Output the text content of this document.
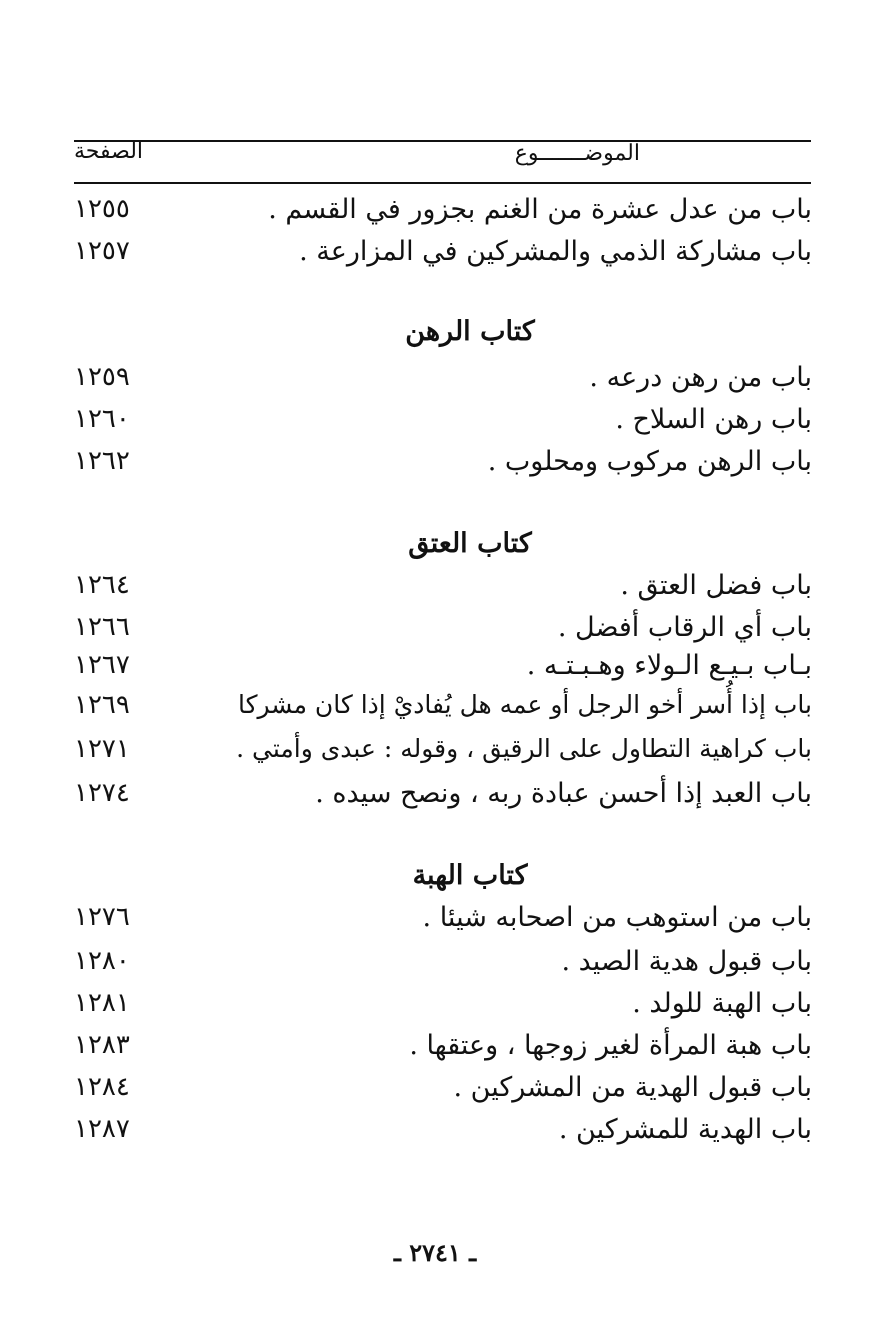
الصفحة	الموضـــــــوع
باب من عدل عشرة من الغنم بجزور في القسم .
١٢٥٥
باب مشاركة الذمي والمشركين في المزارعة .
١٢٥٧
كتاب الرهن
باب من رهن درعه .
١٢٥٩
باب رهن السلاح .
١٢٦٠
باب الرهن مركوب ومحلوب .
١٢٦٢
كتاب العتق
باب فضل العتق .
١٢٦٤
باب أي الرقاب أفضل .
١٢٦٦
بـاب بـيـع الـولاء وهـبـتـه .
١٢٦٧
باب إذا أُسر أخو الرجل أو عمه هل يُفاديْ إذا كان مشركا
١٢٦٩
باب كراهية التطاول على الرقيق ، وقوله : عبدى وأمتي .
١٢٧١
باب العبد إذا أحسن عبادة ربه ، ونصح سيده .
١٢٧٤
كتاب الهبة
باب من استوهب من اصحابه شيئا .
١٢٧٦
باب قبول هدية الصيد .
١٢٨٠
باب الهبة للولد .
١٢٨١
باب هبة المرأة لغير زوجها ، وعتقها .
١٢٨٣
باب قبول الهدية من المشركين .
١٢٨٤
باب الهدية للمشركين .
١٢٨٧
ـ ٢٧٤١ ـ
